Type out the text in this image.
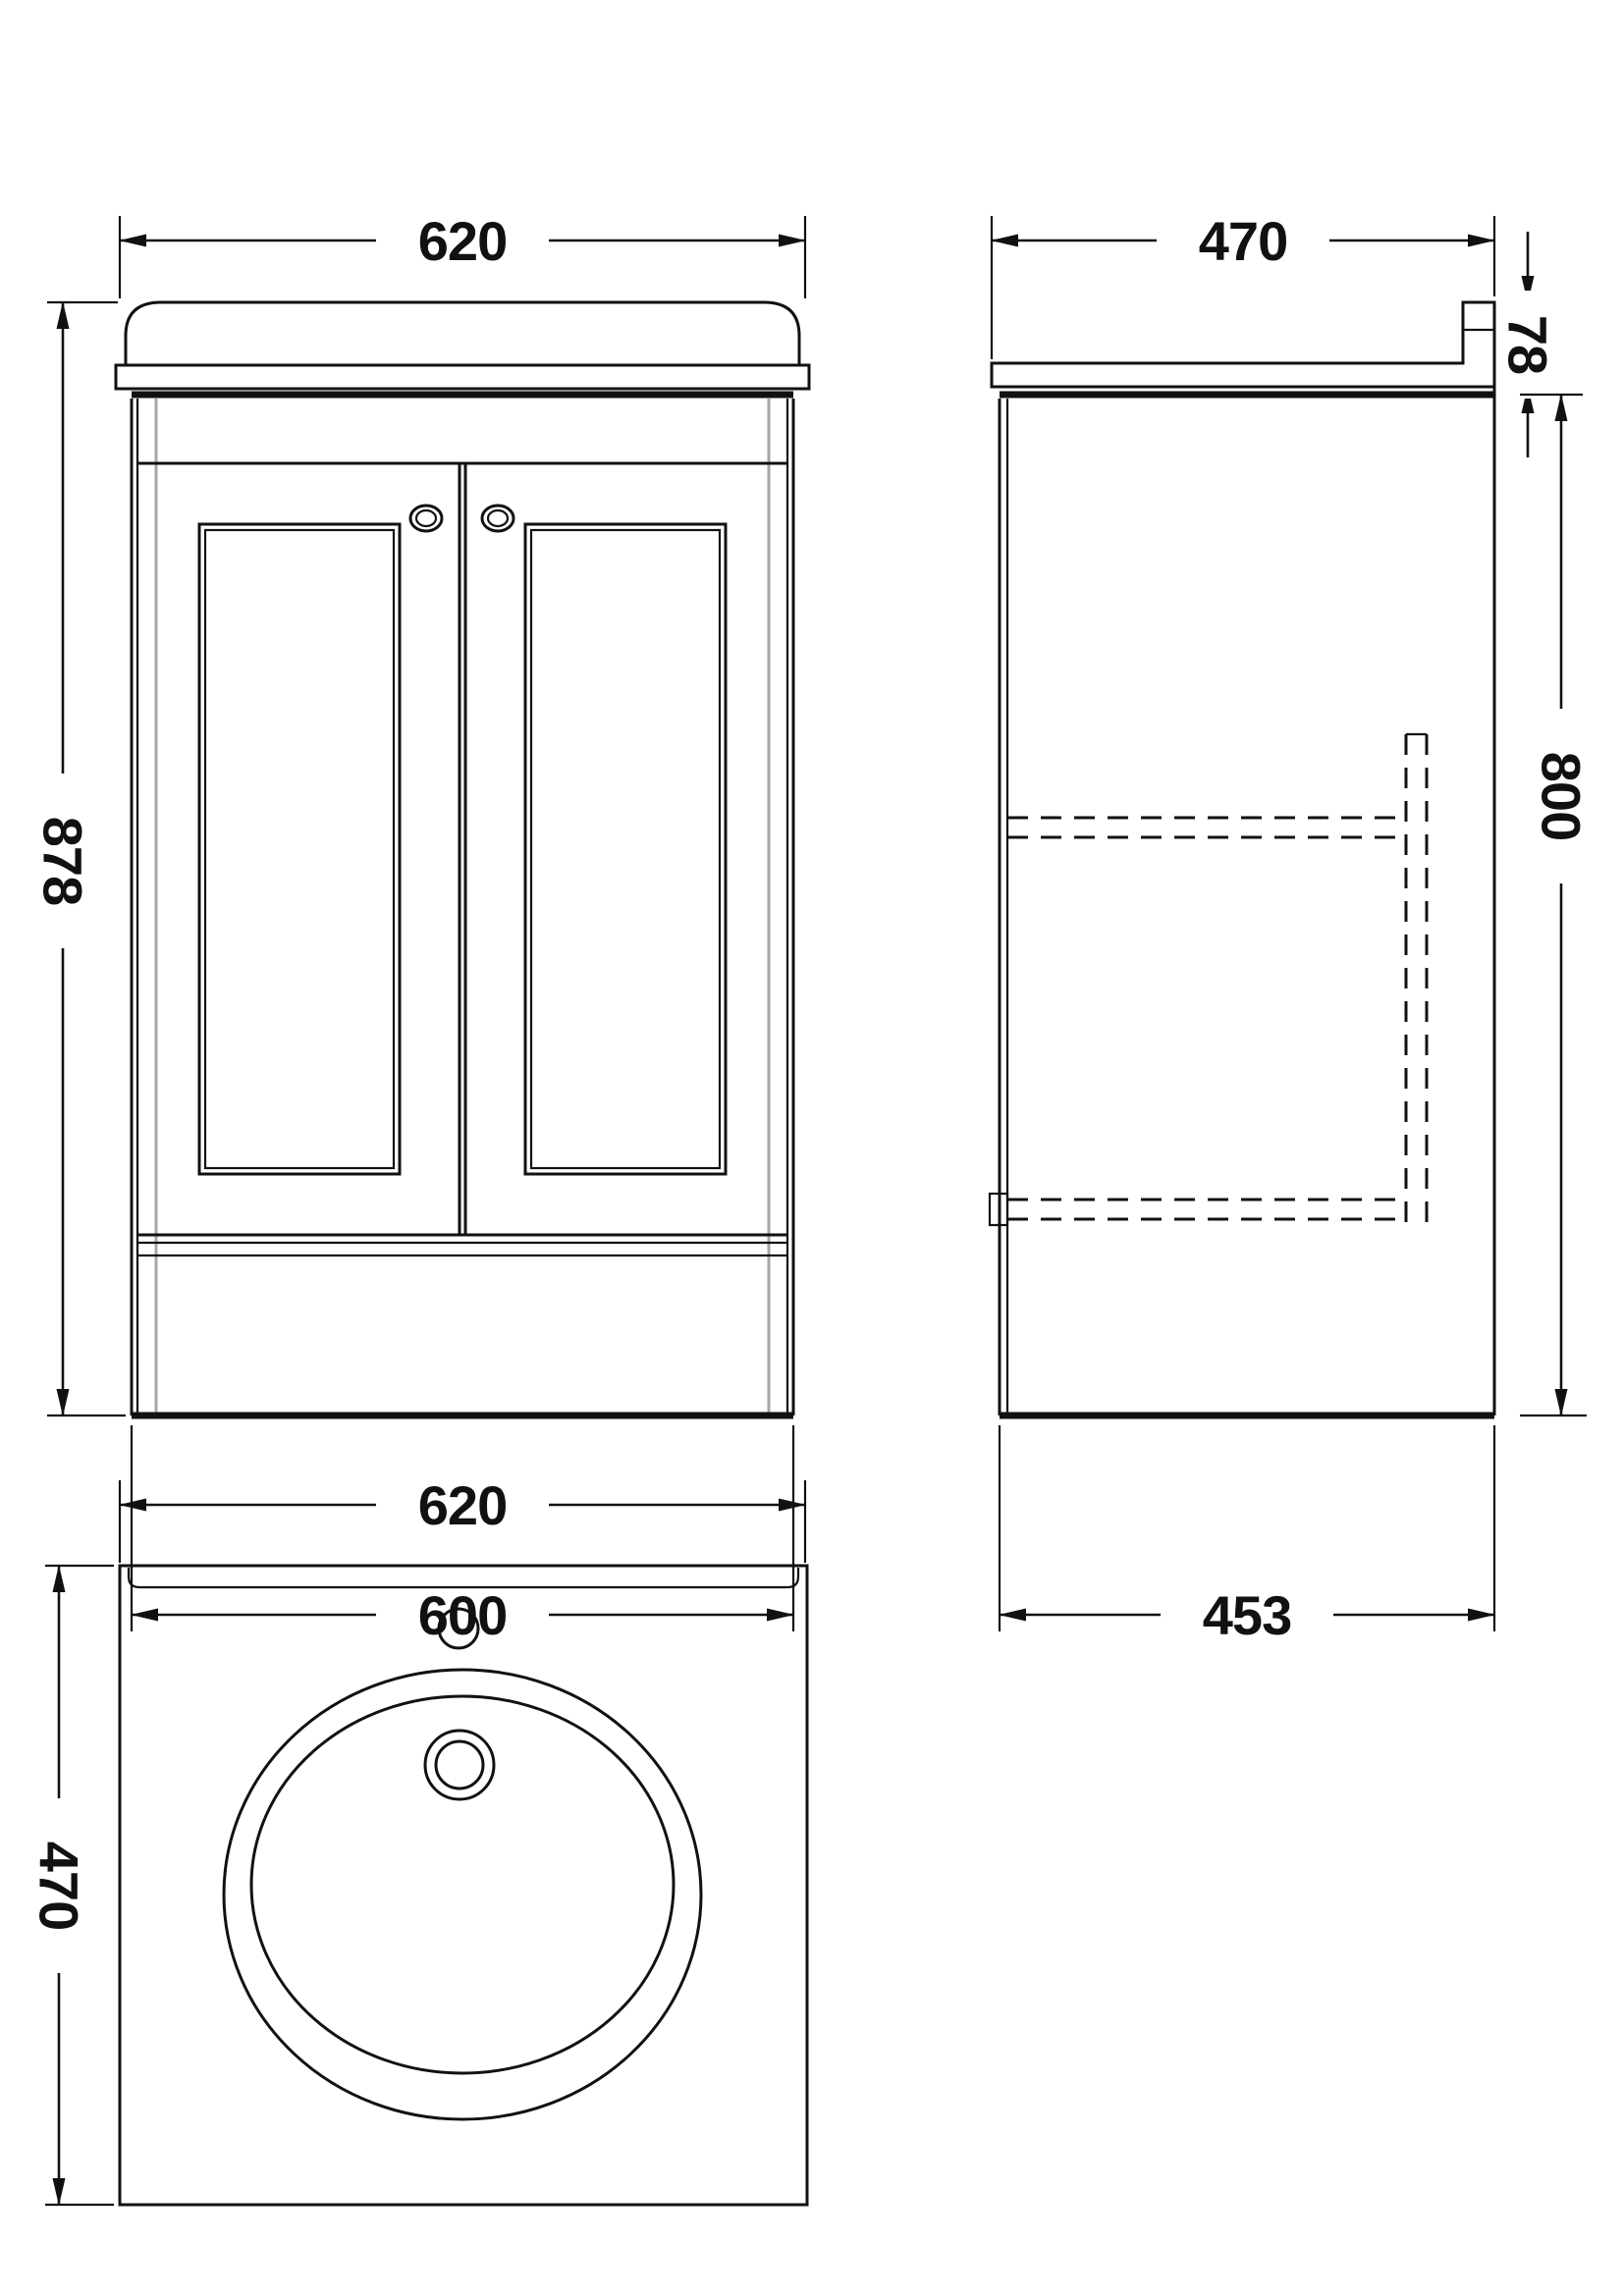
620
878
600
470
78
800
453
620
470
